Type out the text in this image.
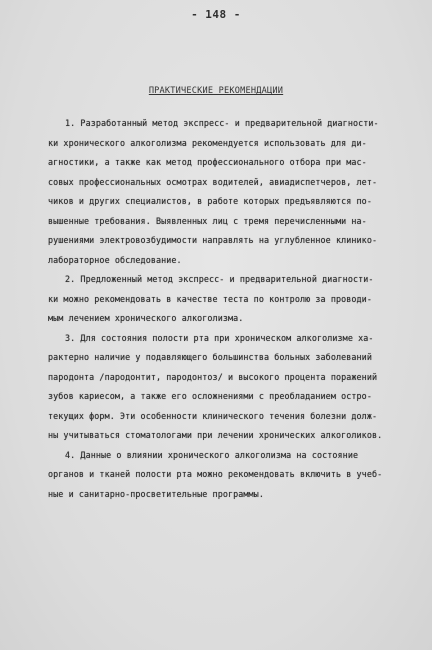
- 148 -
ПРАКТИЧЕСКИЕ РЕКОМЕНДАЦИИ
1. Разработанный метод экспресс- и предварительной диагности-
ки хронического алкоголизма рекомендуется использовать для ди-
агностики, а также как метод профессионального отбора при мас-
совых профессиональных осмотрах водителей, авиадиспетчеров, лет-
чиков и других специалистов, в работе которых предъявляются по-
вышенные требования. Выявленных лиц с тремя перечисленными на-
рушениями электровозбудимости направлять на углубленное клинико-
лабораторное обследование.
2. Предложенный метод экспресс- и предварительной диагности-
ки можно рекомендовать в качестве теста по контролю за проводи-
мым лечением хронического алкоголизма.
3. Для состояния полости рта при хроническом алкоголизме ха-
рактерно наличие у подавляющего большинства больных заболеваний
пародонта /пародонтит, пародонтоз/ и высокого процента поражений
зубов кариесом, а также его осложнениями с преобладанием остро-
текущих форм. Эти особенности клинического течения болезни долж-
ны учитываться стоматологами при лечении хронических алкоголиков.
4. Данные о влиянии хронического алкоголизма на состояние
органов и тканей полости рта можно рекомендовать включить в учеб-
ные и санитарно-просветительные программы.
